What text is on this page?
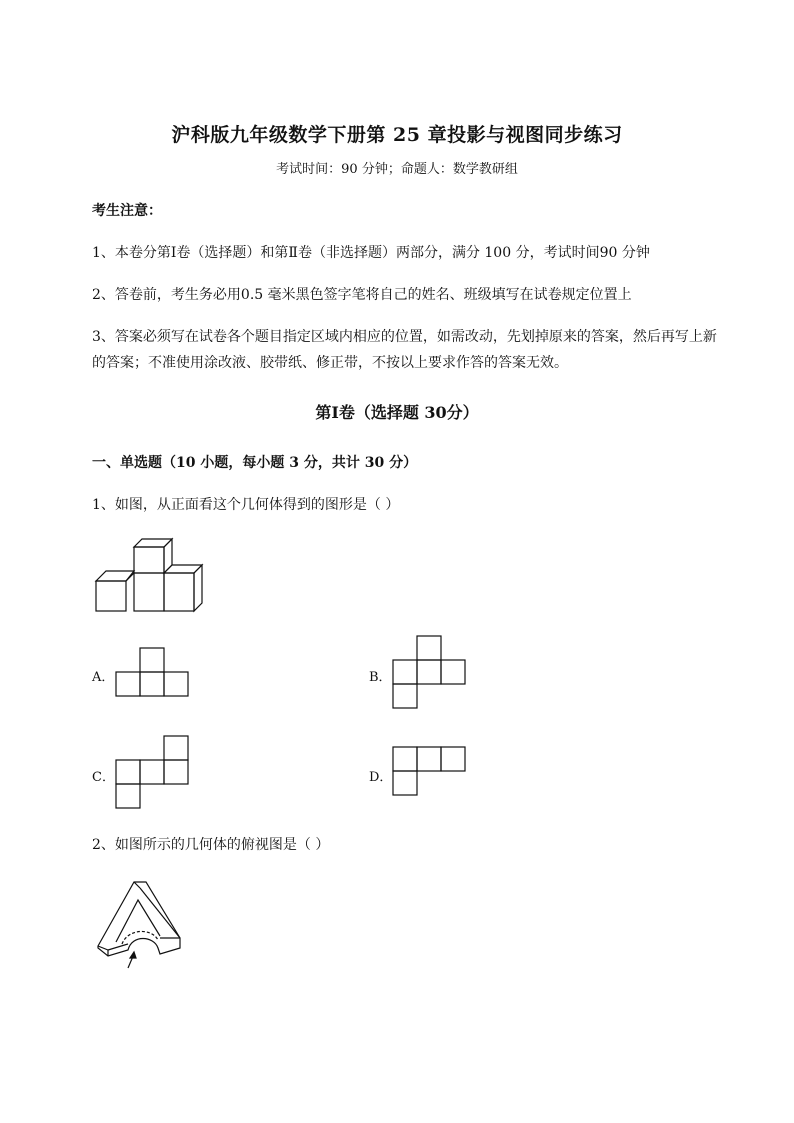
沪科版九年级数学下册第 25 章投影与视图同步练习
考试时间：90 分钟；命题人：数学教研组
考生注意：
1、本卷分第Ⅰ卷（选择题）和第Ⅱ卷（非选择题）两部分，满分 100 分，考试时间90 分钟
2、答卷前，考生务必用0.5 毫米黑色签字笔将自己的姓名、班级填写在试卷规定位置上
3、答案必须写在试卷各个题目指定区域内相应的位置，如需改动，先划掉原来的答案，然后再写上新
的答案；不准使用涂改液、胶带纸、修正带，不按以上要求作答的答案无效。
第Ⅰ卷（选择题 30分）
一、单选题（10 小题，每小题 3 分，共计 30 分）
1、如图，从正面看这个几何体得到的图形是（ ）
A．	B．
C．	D．
2、如图所示的几何体的俯视图是（ ）
